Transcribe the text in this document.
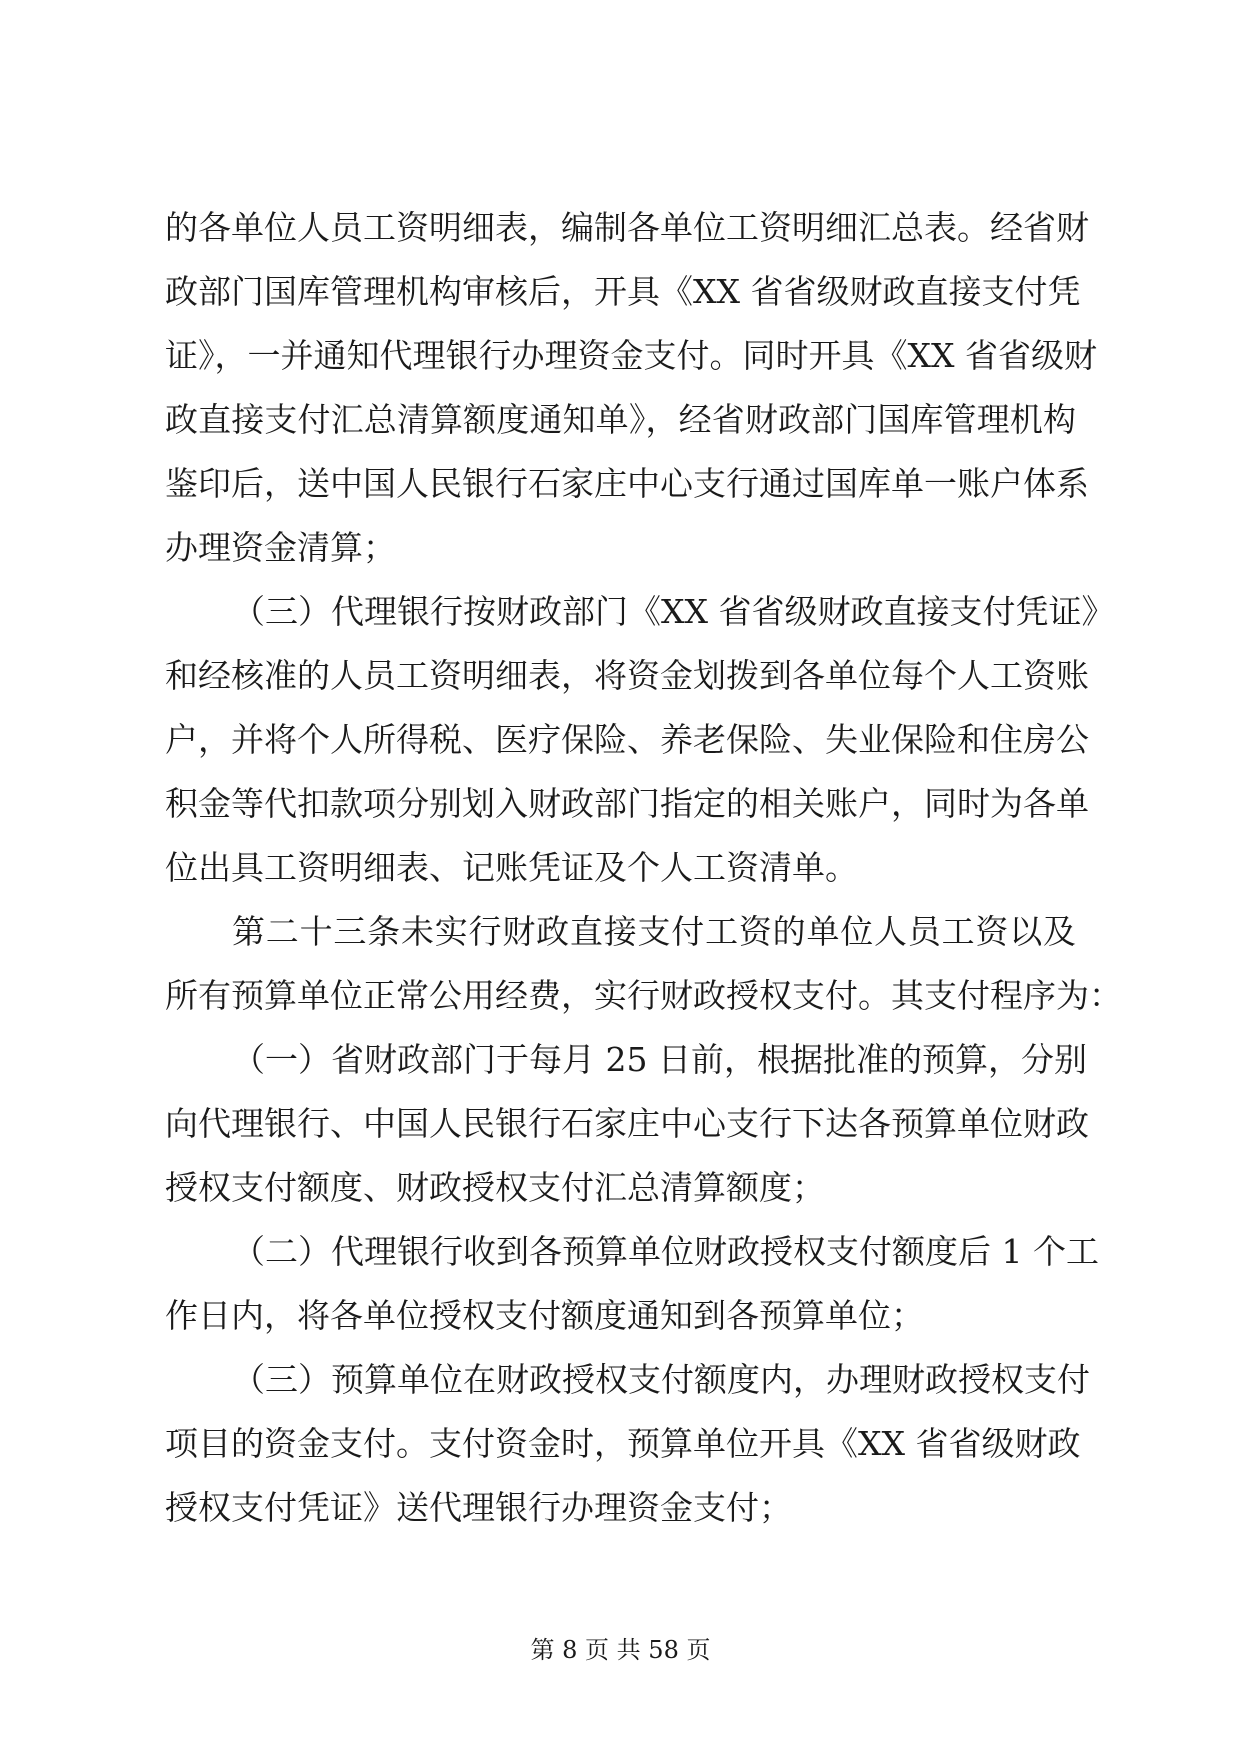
的各单位人员工资明细表，编制各单位工资明细汇总表。经省财
政部门国库管理机构审核后，开具《XX 省省级财政直接支付凭
证》，一并通知代理银行办理资金支付。同时开具《XX 省省级财
政直接支付汇总清算额度通知单》，经省财政部门国库管理机构
鉴印后，送中国人民银行石家庄中心支行通过国库单一账户体系
办理资金清算；
（三）代理银行按财政部门《XX 省省级财政直接支付凭证》
和经核准的人员工资明细表，将资金划拨到各单位每个人工资账
户，并将个人所得税、医疗保险、养老保险、失业保险和住房公
积金等代扣款项分别划入财政部门指定的相关账户，同时为各单
位出具工资明细表、记账凭证及个人工资清单。
第二十三条未实行财政直接支付工资的单位人员工资以及
所有预算单位正常公用经费，实行财政授权支付。其支付程序为：
（一）省财政部门于每月 25 日前，根据批准的预算，分别
向代理银行、中国人民银行石家庄中心支行下达各预算单位财政
授权支付额度、财政授权支付汇总清算额度；
（二）代理银行收到各预算单位财政授权支付额度后 1 个工
作日内，将各单位授权支付额度通知到各预算单位；
（三）预算单位在财政授权支付额度内，办理财政授权支付
项目的资金支付。支付资金时，预算单位开具《XX 省省级财政
授权支付凭证》送代理银行办理资金支付；
第 8 页 共 58 页
